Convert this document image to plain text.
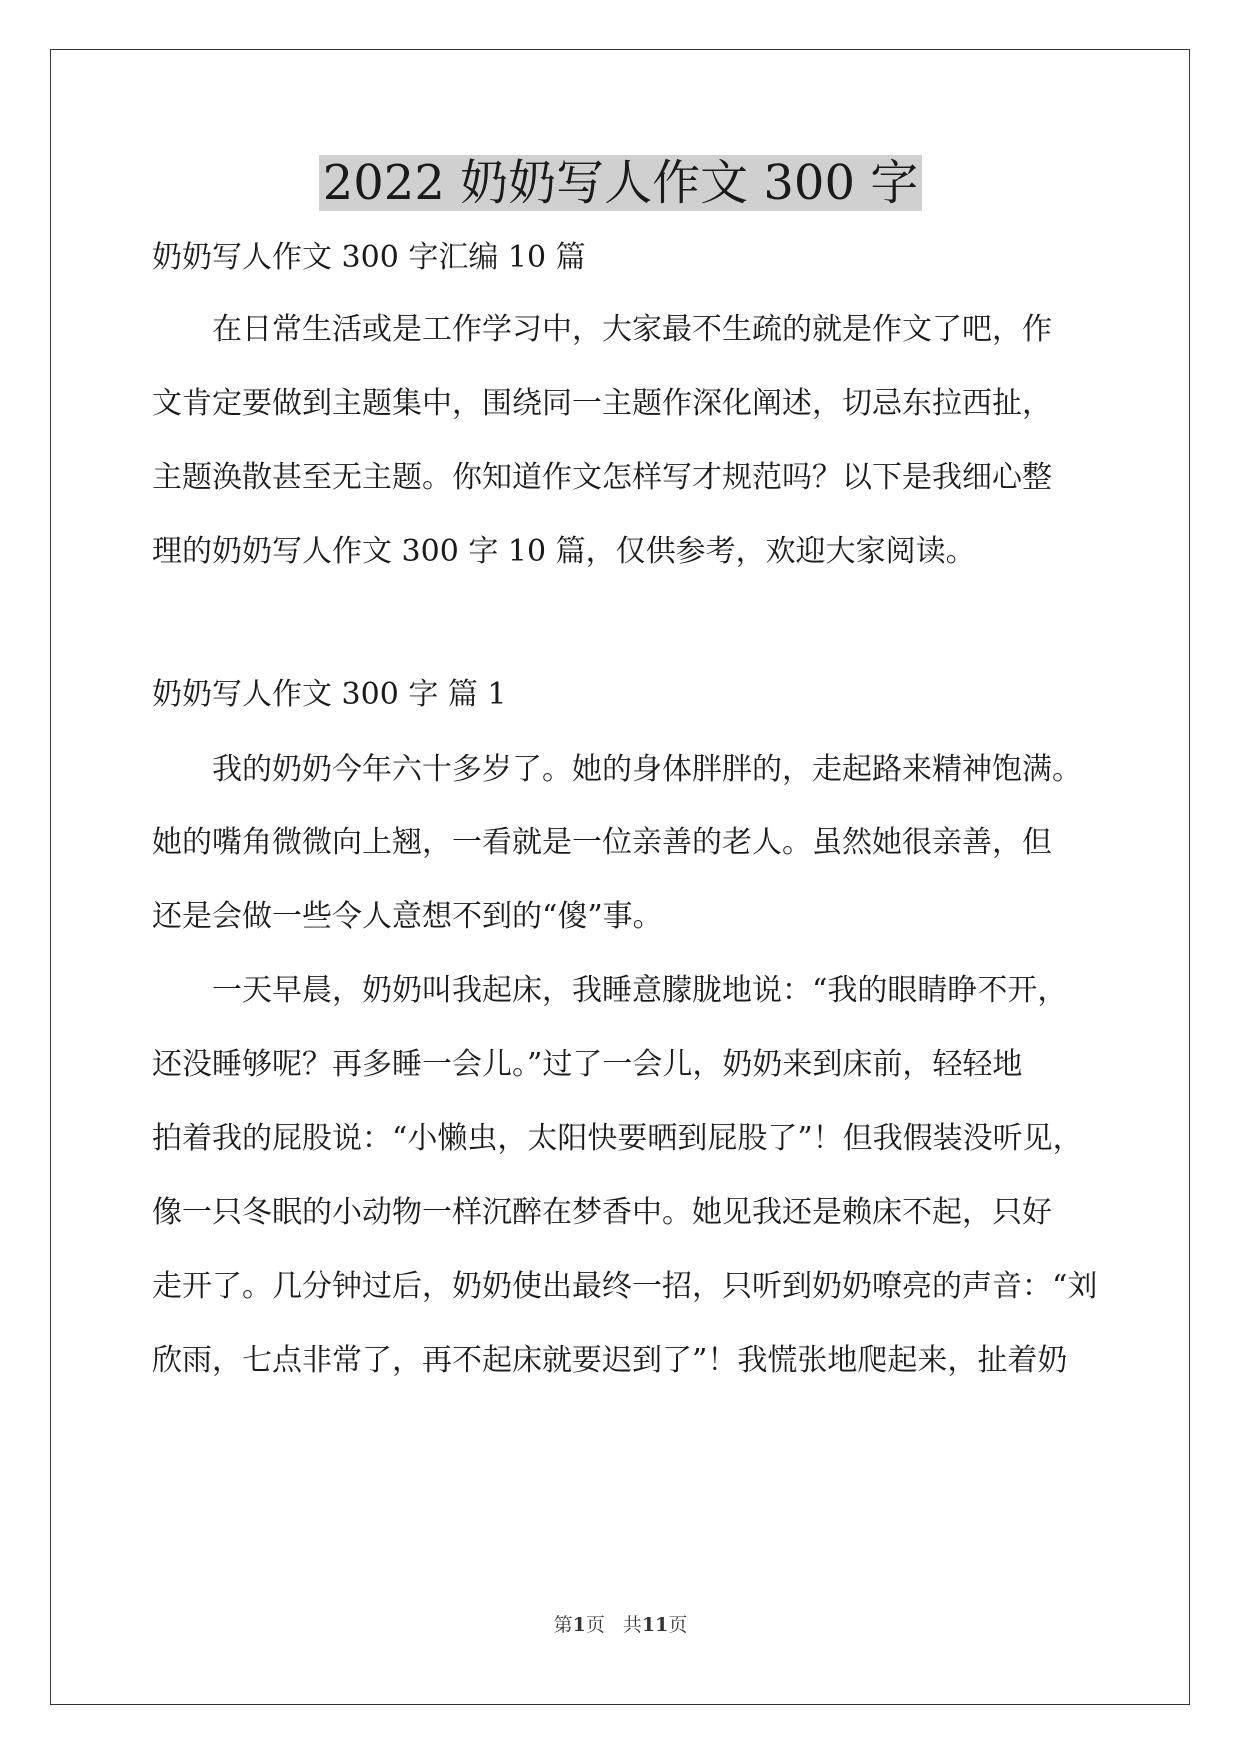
2022 奶奶写人作文 300 字

奶奶写人作文 300 字汇编 10 篇

在日常生活或是工作学习中，大家最不生疏的就是作文了吧，作

文肯定要做到主题集中，围绕同一主题作深化阐述，切忌东拉西扯，

主题涣散甚至无主题。你知道作文怎样写才规范吗？以下是我细心整

理的奶奶写人作文 300 字 10 篇，仅供参考，欢迎大家阅读。

奶奶写人作文 300 字 篇 1

我的奶奶今年六十多岁了。她的身体胖胖的，走起路来精神饱满。

她的嘴角微微向上翘，一看就是一位亲善的老人。虽然她很亲善，但

还是会做一些令人意想不到的“傻”事。

一天早晨，奶奶叫我起床，我睡意朦胧地说：“我的眼睛睁不开，

还没睡够呢？再多睡一会儿。”过了一会儿，奶奶来到床前，轻轻地

拍着我的屁股说：“小懒虫，太阳快要晒到屁股了”！但我假装没听见，

像一只冬眠的小动物一样沉醉在梦香中。她见我还是赖床不起，只好

走开了。几分钟过后，奶奶使出最终一招，只听到奶奶嘹亮的声音：“刘

欣雨，七点非常了，再不起床就要迟到了”！我慌张地爬起来，扯着奶

第1页 共11页
